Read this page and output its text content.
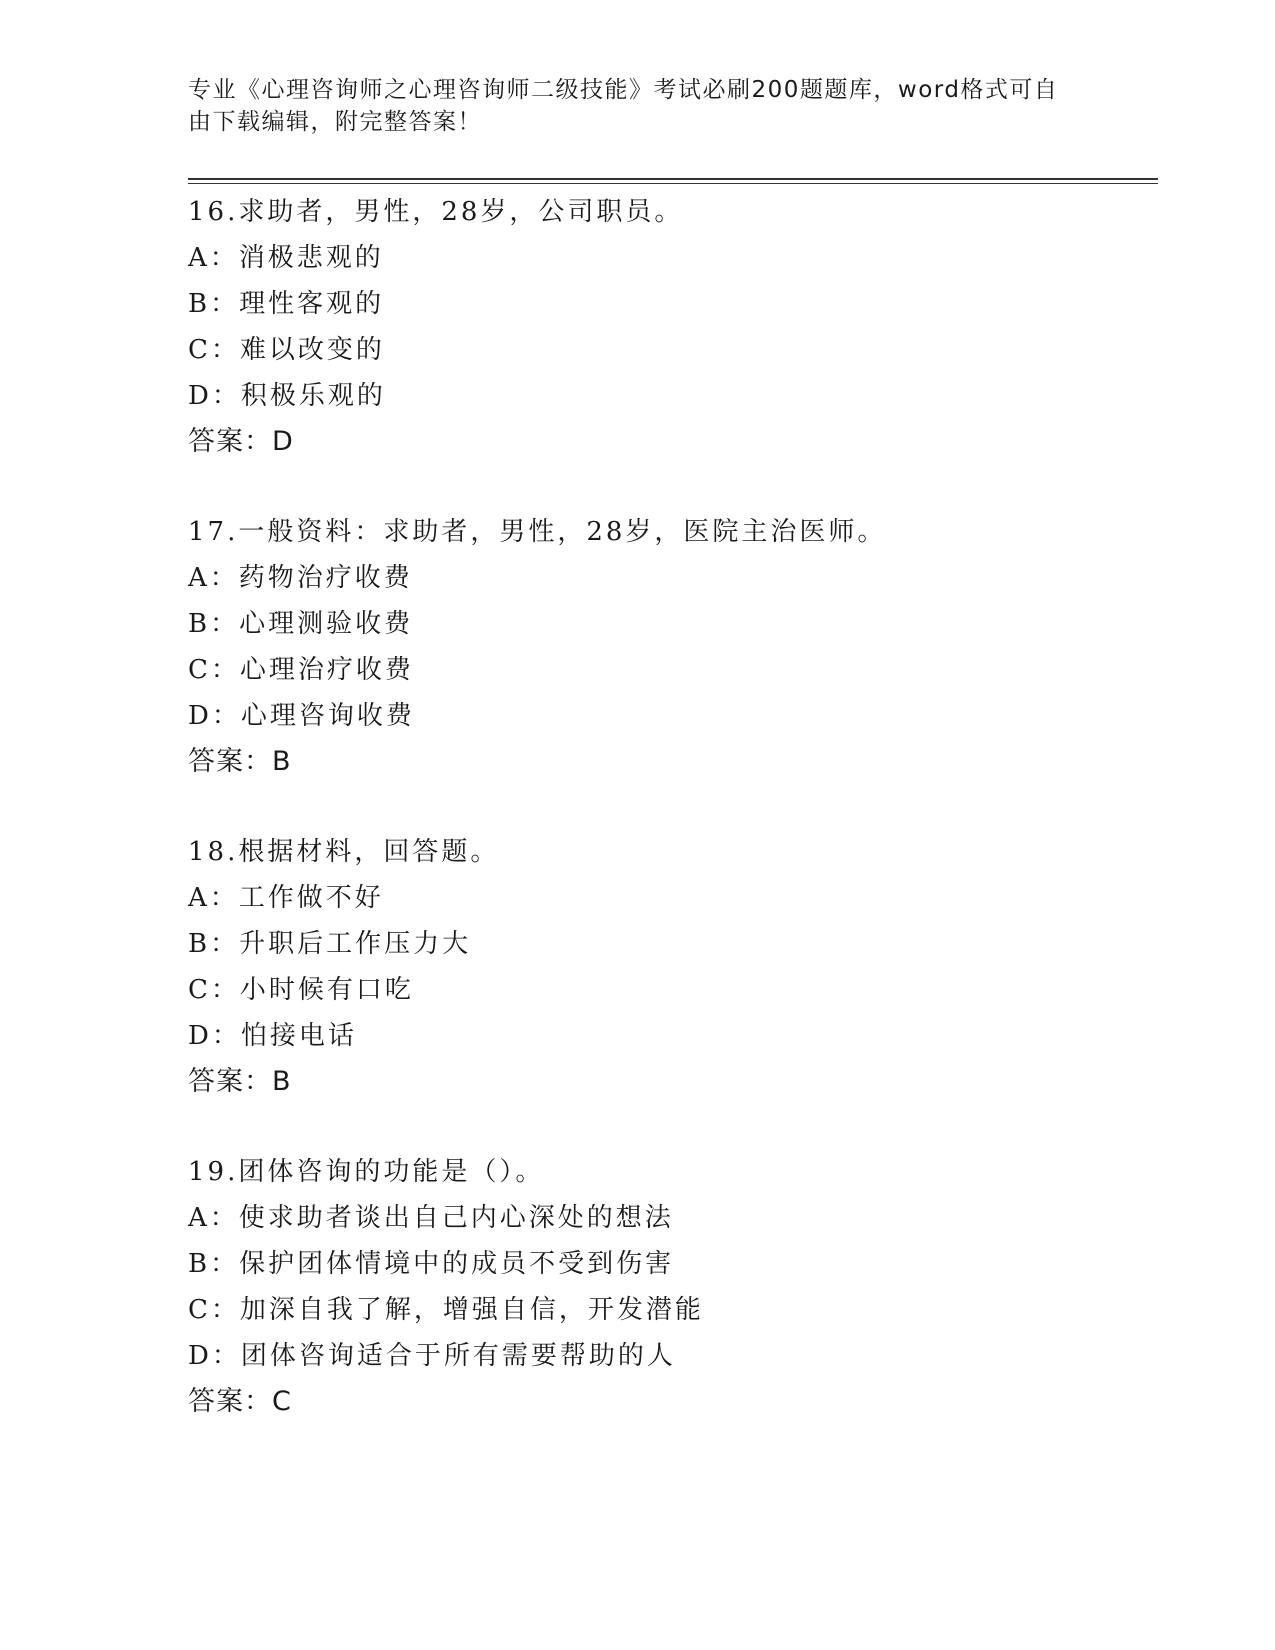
专业《心理咨询师之心理咨询师二级技能》考试必刷200题题库，word格式可自
由下载编辑，附完整答案！
16.求助者，男性，28岁，公司职员。
A：消极悲观的
B：理性客观的
C：难以改变的
D：积极乐观的
答案：D
17.一般资料：求助者，男性，28岁，医院主治医师。
A：药物治疗收费
B：心理测验收费
C：心理治疗收费
D：心理咨询收费
答案：B
18.根据材料，回答题。
A：工作做不好
B：升职后工作压力大
C：小时候有口吃
D：怕接电话
答案：B
19.团体咨询的功能是（）。
A：使求助者谈出自己内心深处的想法
B：保护团体情境中的成员不受到伤害
C：加深自我了解，增强自信，开发潜能
D：团体咨询适合于所有需要帮助的人
答案：C
